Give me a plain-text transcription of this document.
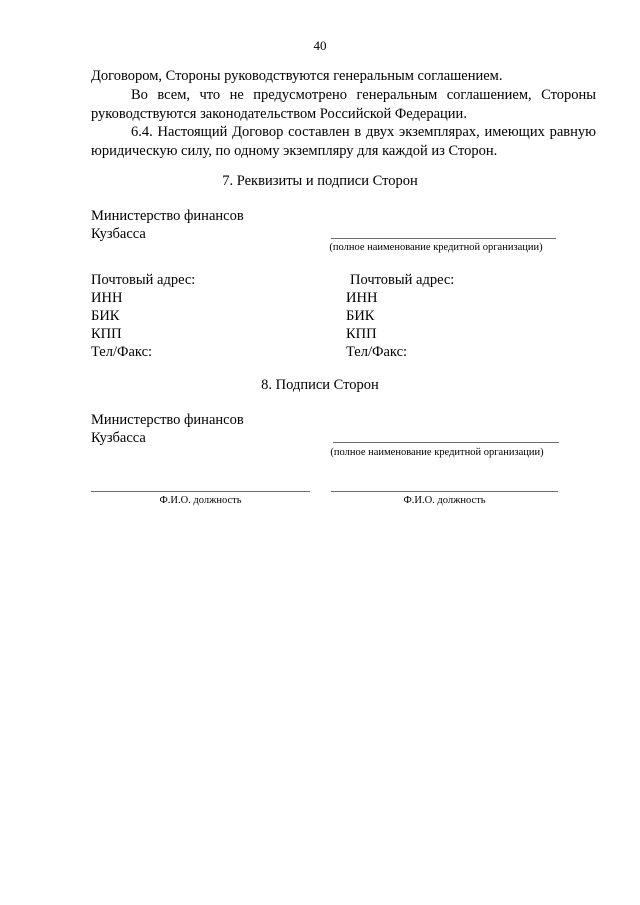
40
Договором, Стороны руководствуются генеральным соглашением.
Во всем, что не предусмотрено генеральным соглашением, Стороны руководствуются законодательством Российской Федерации.
6.4. Настоящий Договор составлен в двух экземплярах, имеющих равную юридическую силу, по одному экземпляру для каждой из Сторон.
7. Реквизиты и подписи Сторон
Министерство финансов
Кузбасса
(полное наименование кредитной организации)
Почтовый адрес:
ИНН
БИК
КПП
Тел/Факс:
Почтовый адрес:
ИНН
БИК
КПП
Тел/Факс:
8. Подписи Сторон
Министерство финансов
Кузбасса
(полное наименование кредитной организации)
Ф.И.О. должность	Ф.И.О. должность
